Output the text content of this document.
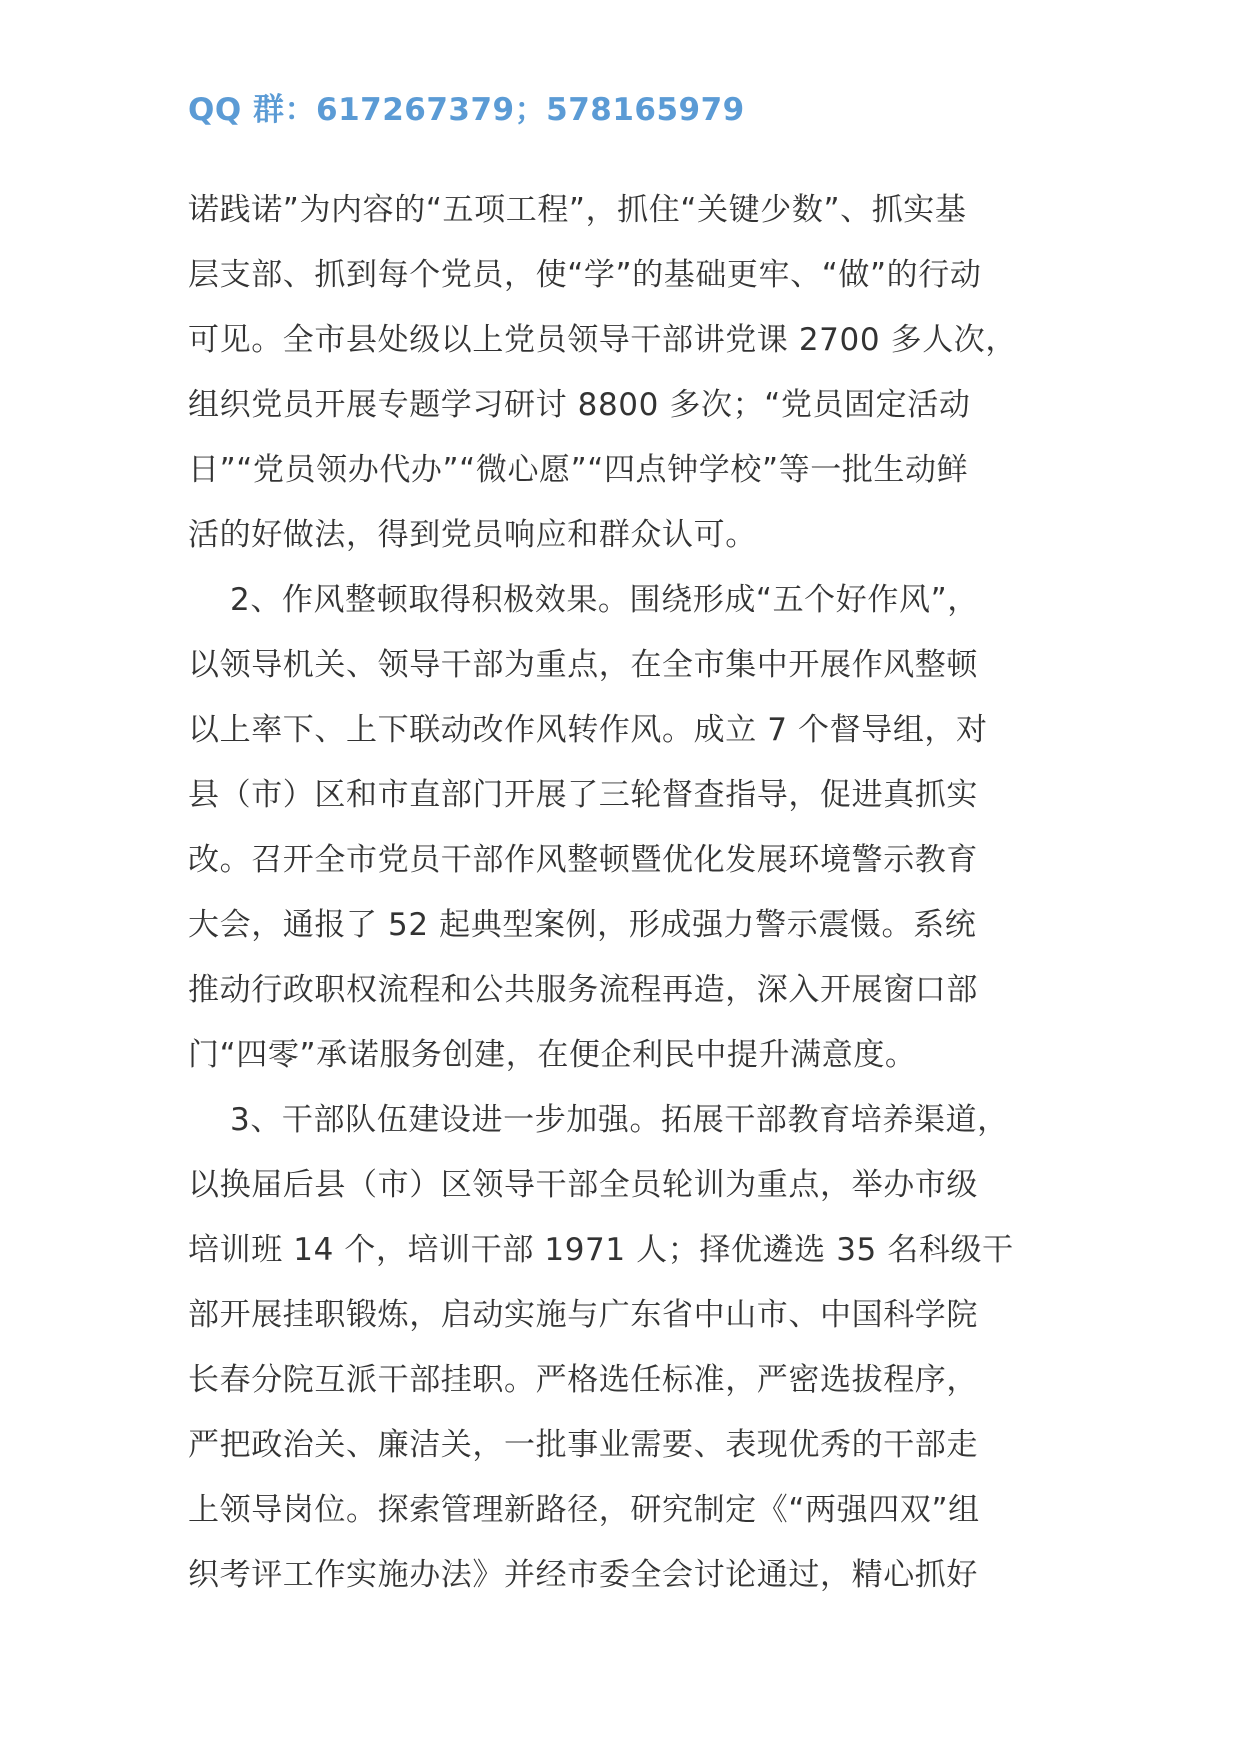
QQ 群：617267379；578165979
诺践诺”为内容的“五项工程”，抓住“关键少数”、抓实基
层支部、抓到每个党员，使“学”的基础更牢、“做”的行动
可见。全市县处级以上党员领导干部讲党课 2700 多人次，
组织党员开展专题学习研讨 8800 多次；“党员固定活动
日”“党员领办代办”“微心愿”“四点钟学校”等一批生动鲜
活的好做法，得到党员响应和群众认可。
2、作风整顿取得积极效果。围绕形成“五个好作风”，
以领导机关、领导干部为重点，在全市集中开展作风整顿
以上率下、上下联动改作风转作风。成立 7 个督导组，对
县（市）区和市直部门开展了三轮督查指导，促进真抓实
改。召开全市党员干部作风整顿暨优化发展环境警示教育
大会，通报了 52 起典型案例，形成强力警示震慑。系统
推动行政职权流程和公共服务流程再造，深入开展窗口部
门“四零”承诺服务创建，在便企利民中提升满意度。
3、干部队伍建设进一步加强。拓展干部教育培养渠道，
以换届后县（市）区领导干部全员轮训为重点，举办市级
培训班 14 个，培训干部 1971 人；择优遴选 35 名科级干
部开展挂职锻炼，启动实施与广东省中山市、中国科学院
长春分院互派干部挂职。严格选任标准，严密选拔程序，
严把政治关、廉洁关，一批事业需要、表现优秀的干部走
上领导岗位。探索管理新路径，研究制定《“两强四双”组
织考评工作实施办法》并经市委全会讨论通过，精心抓好
